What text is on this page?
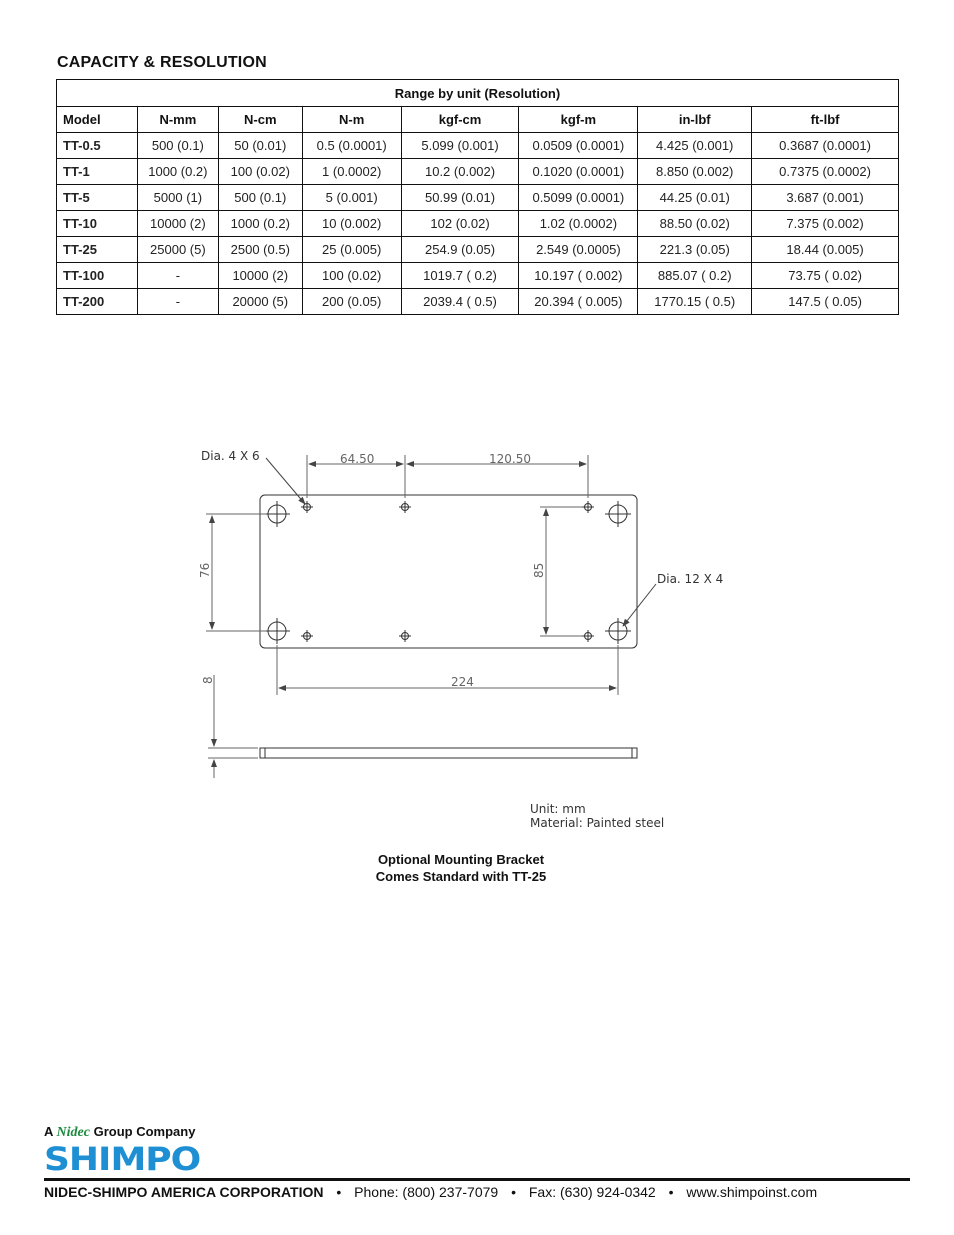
CAPACITY & RESOLUTION
Range by unit (Resolution)							
Model	N-mm	N-cm	N-m	kgf-cm	kgf-m	in-lbf	ft-lbf
TT-0.5	500 (0.1)	50 (0.01)	0.5 (0.0001)	5.099 (0.001)	0.0509 (0.0001)	4.425 (0.001)	0.3687 (0.0001)
TT-1	1000 (0.2)	100 (0.02)	1 (0.0002)	10.2 (0.002)	0.1020 (0.0001)	8.850 (0.002)	0.7375 (0.0002)
TT-5	5000 (1)	500 (0.1)	5 (0.001)	50.99 (0.01)	0.5099 (0.0001)	44.25 (0.01)	3.687 (0.001)
TT-10	10000 (2)	1000 (0.2)	10 (0.002)	102 (0.02)	1.02 (0.0002)	88.50 (0.02)	7.375 (0.002)
TT-25	25000 (5)	2500 (0.5)	25 (0.005)	254.9 (0.05)	2.549 (0.0005)	221.3 (0.05)	18.44 (0.005)
TT-100	-	10000 (2)	100 (0.02)	1019.7 ( 0.2)	10.197 ( 0.002)	885.07 ( 0.2)	73.75 ( 0.02)
TT-200	-	20000 (5)	200 (0.05)	2039.4 ( 0.5)	20.394 ( 0.005)	1770.15 ( 0.5)	147.5 ( 0.05)
Dia. 4 X 6
Dia. 12 X 4
64.50	120.50
76	85
224
8
Unit: mm
Material: Painted steel
Optional Mounting Bracket
Comes Standard with TT-25
A Nidec Group Company
SHIMPO
NIDEC-SHIMPO AMERICA CORPORATION • Phone: (800) 237-7079 • Fax: (630) 924-0342 • www.shimpoinst.com
